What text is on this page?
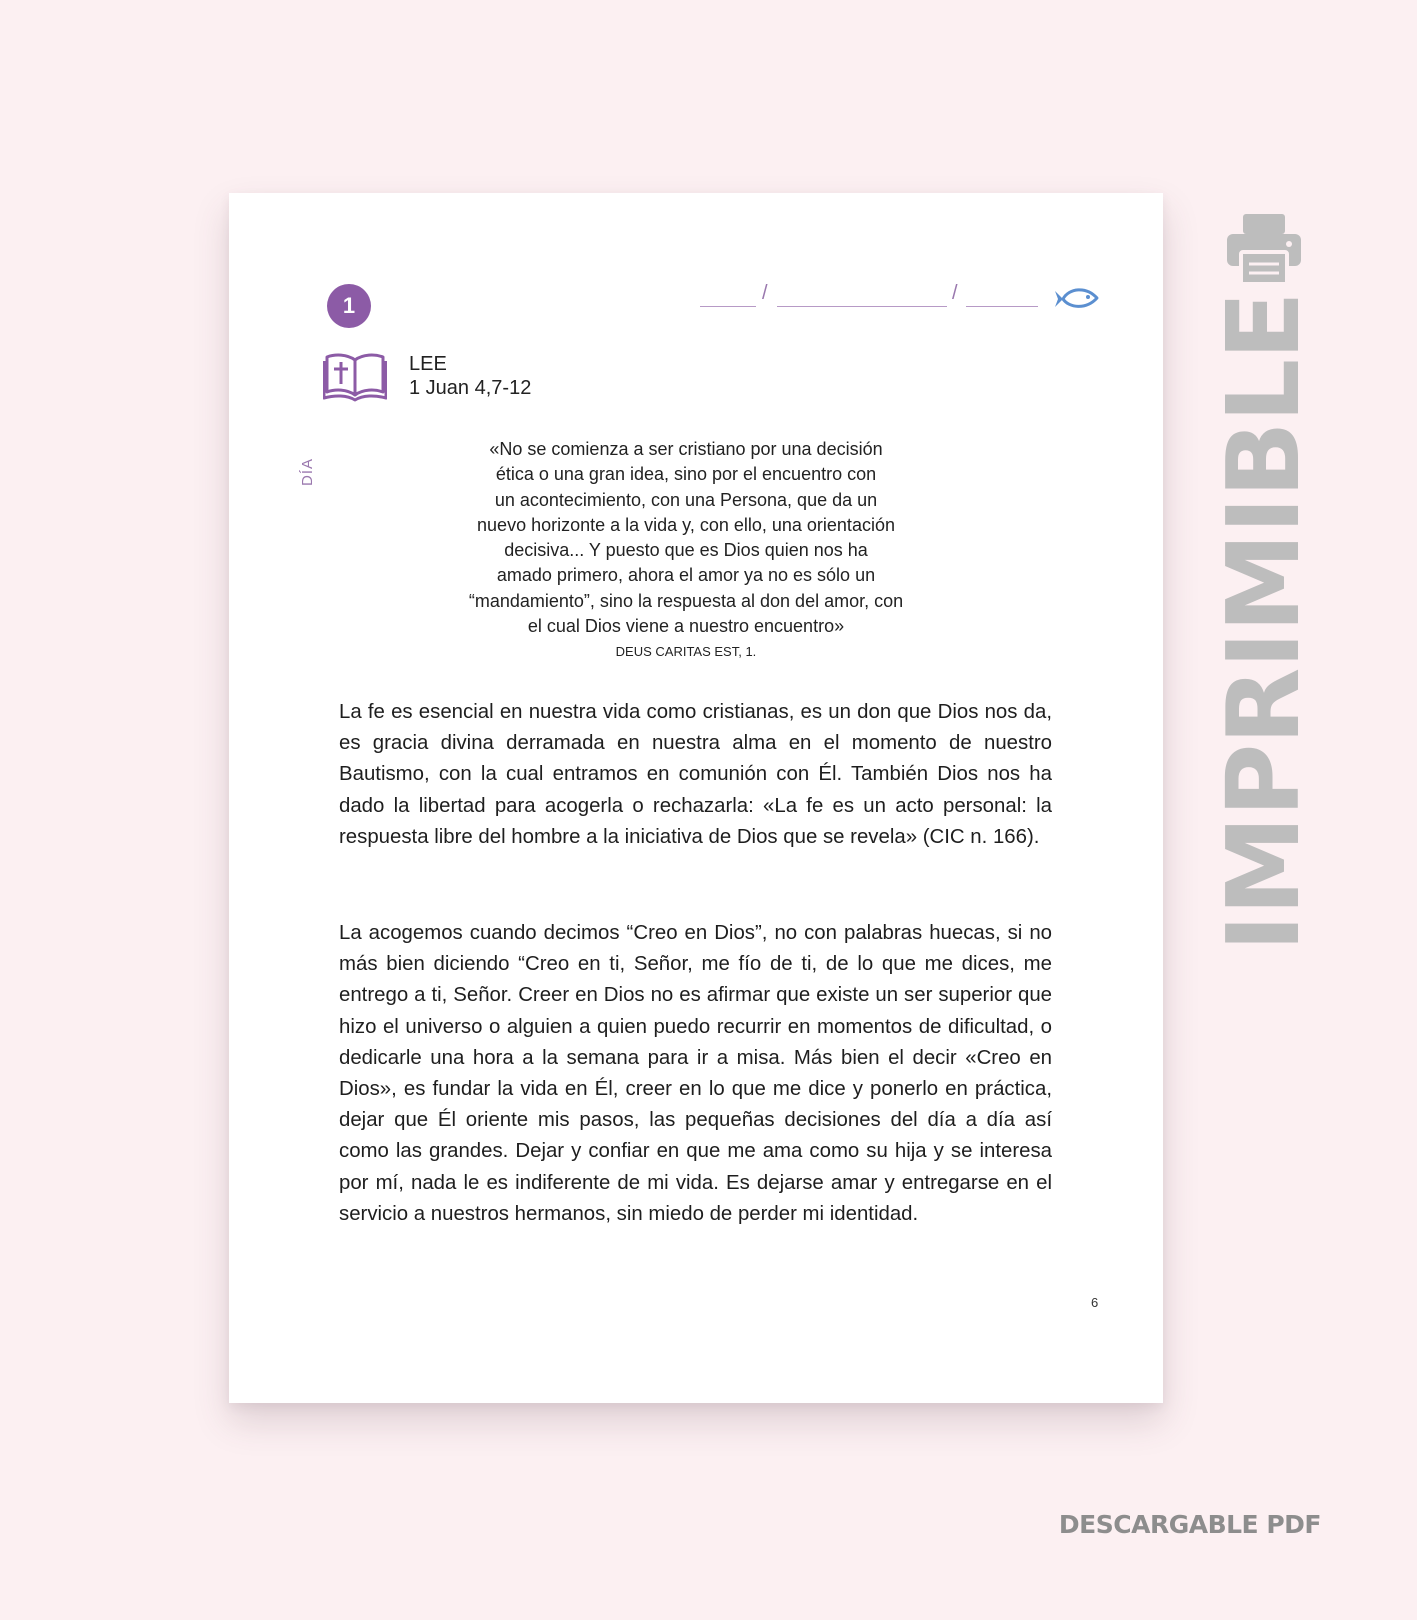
DÍA
1	/	/
LEE
1 Juan 4,7-12
«No se comienza a ser cristiano por una decisión
ética o una gran idea, sino por el encuentro con
un acontecimiento, con una Persona, que da un
nuevo horizonte a la vida y, con ello, una orientación
decisiva... Y puesto que es Dios quien nos ha
amado primero, ahora el amor ya no es sólo un
“mandamiento”, sino la respuesta al don del amor, con
el cual Dios viene a nuestro encuentro»
DEUS CARITAS EST, 1.

La fe es esencial en nuestra vida como cristianas, es un don que Dios nos da, es gracia divina derramada en nuestra alma en el momento de nuestro Bautismo, con la cual entramos en comunión con Él. También Dios nos ha dado la libertad para acogerla o rechazarla: «La fe es un acto personal: la respuesta libre del hombre a la iniciativa de Dios que se revela» (CIC n. 166).

La acogemos cuando decimos “Creo en Dios”, no con palabras huecas, si no más bien diciendo “Creo en ti, Señor, me fío de ti, de lo que me dices, me entrego a ti, Señor. Creer en Dios no es afirmar que existe un ser superior que hizo el universo o alguien a quien puedo recurrir en momentos de dificultad, o dedicarle una hora a la semana para ir a misa. Más bien el decir «Creo en Dios», es fundar la vida en Él, creer en lo que me dice y ponerlo en práctica, dejar que Él oriente mis pasos, las pequeñas decisiones del día a día así como las grandes. Dejar y confiar en que me ama como su hija y se interesa por mí, nada le es indiferente de mi vida. Es dejarse amar y entregarse en el servicio a nuestros hermanos, sin miedo de perder mi identidad.

6
IMPRIMIBLE
DESCARGABLE PDF
